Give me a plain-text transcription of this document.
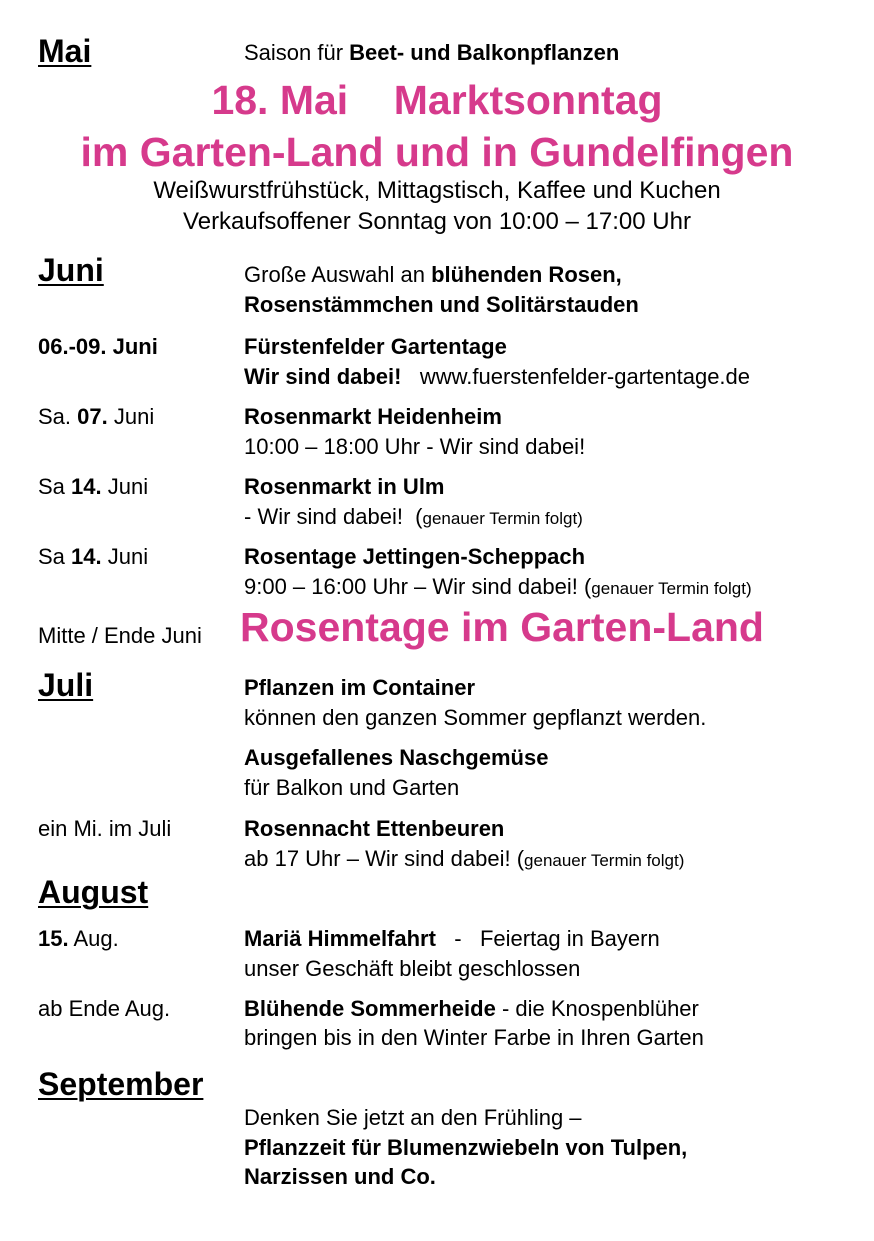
Mai	Saison für Beet- und Balkonpflanzen
18. Mai    Marktsonntag
im Garten-Land und in Gundelfingen
Weißwurstfrühstück, Mittagstisch, Kaffee und Kuchen
Verkaufsoffener Sonntag von 10:00 – 17:00 Uhr
Juni	Große Auswahl an blühenden Rosen,
Rosenstämmchen und Solitärstauden
06.-09. Juni	Fürstenfelder Gartentage
Wir sind dabei!   www.fuerstenfelder-gartentage.de
Sa. 07. Juni	Rosenmarkt Heidenheim
10:00 – 18:00 Uhr - Wir sind dabei!
Sa 14. Juni	Rosenmarkt in Ulm
- Wir sind dabei!  (genauer Termin folgt)
Sa 14. Juni	Rosentage Jettingen-Scheppach
9:00 – 16:00 Uhr – Wir sind dabei! (genauer Termin folgt)
Mitte / Ende Juni Rosentage im Garten-Land
Juli	Pflanzen im Container
können den ganzen Sommer gepflanzt werden.
Ausgefallenes Naschgemüse
für Balkon und Garten
ein Mi. im Juli	Rosennacht Ettenbeuren
ab 17 Uhr – Wir sind dabei! (genauer Termin folgt)
August
15. Aug.	Mariä Himmelfahrt   -   Feiertag in Bayern
unser Geschäft bleibt geschlossen
ab Ende Aug.	Blühende Sommerheide - die Knospenblüher
bringen bis in den Winter Farbe in Ihren Garten
September
Denken Sie jetzt an den Frühling –
Pflanzzeit für Blumenzwiebeln von Tulpen,
Narzissen und Co.
